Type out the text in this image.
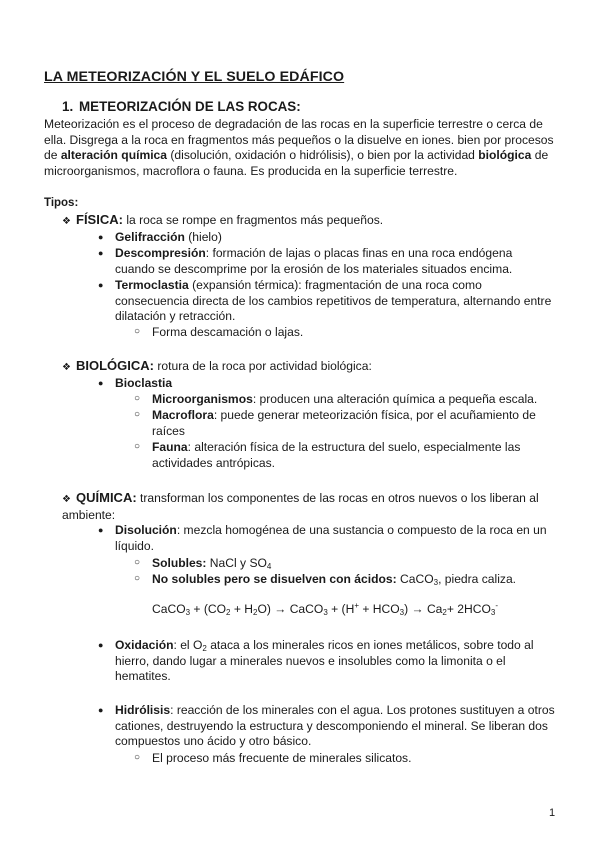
LA METEORIZACIÓN Y EL SUELO EDÁFICO
1. METEORIZACIÓN DE LAS ROCAS:
Meteorización es el proceso de degradación de las rocas en la superficie terrestre o cerca de ella. Disgrega a la roca en fragmentos más pequeños o la disuelve en iones. bien por procesos de alteración química (disolución, oxidación o hidrólisis), o bien por la actividad biológica de microorganismos, macroflora o fauna. Es producida en la superficie terrestre.
Tipos:
❖ FÍSICA: la roca se rompe en fragmentos más pequeños.
● Gelifracción (hielo)
● Descompresión: formación de lajas o placas finas en una roca endógena cuando se descomprime por la erosión de los materiales situados encima.
● Termoclastia (expansión térmica): fragmentación de una roca como consecuencia directa de los cambios repetitivos de temperatura, alternando entre dilatación y retracción.
○ Forma descamación o lajas.
❖ BIOLÓGICA: rotura de la roca por actividad biológica:
● Bioclastia
○ Microorganismos: producen una alteración química a pequeña escala.
○ Macroflora: puede generar meteorización física, por el acuñamiento de raíces
○ Fauna: alteración física de la estructura del suelo, especialmente las actividades antrópicas.
❖ QUÍMICA: transforman los componentes de las rocas en otros nuevos o los liberan al ambiente:
● Disolución: mezcla homogénea de una sustancia o compuesto de la roca en un líquido.
○ Solubles: NaCl y $SO_4$
○ No solubles pero se disuelven con ácidos: CaCO$_3$, piedra caliza.
CaCO$_3$ + $(CO_2 + H_2O)$ → CaCO$_3$ + $(H^+ + HCO_3) \to Ca_2+ 2HCO_3^-$
● Oxidación: el $O_2$ ataca a los minerales ricos en iones metálicos, sobre todo al hierro, dando lugar a minerales nuevos e insolubles como la limonita o el hematites.
● Hidrólisis: reacción de los minerales con el agua. Los protones sustituyen a otros cationes, destruyendo la estructura y descomponiendo el mineral. Se liberan dos compuestos uno ácido y otro básico.
○ El proceso más frecuente de minerales silicatos.
1
